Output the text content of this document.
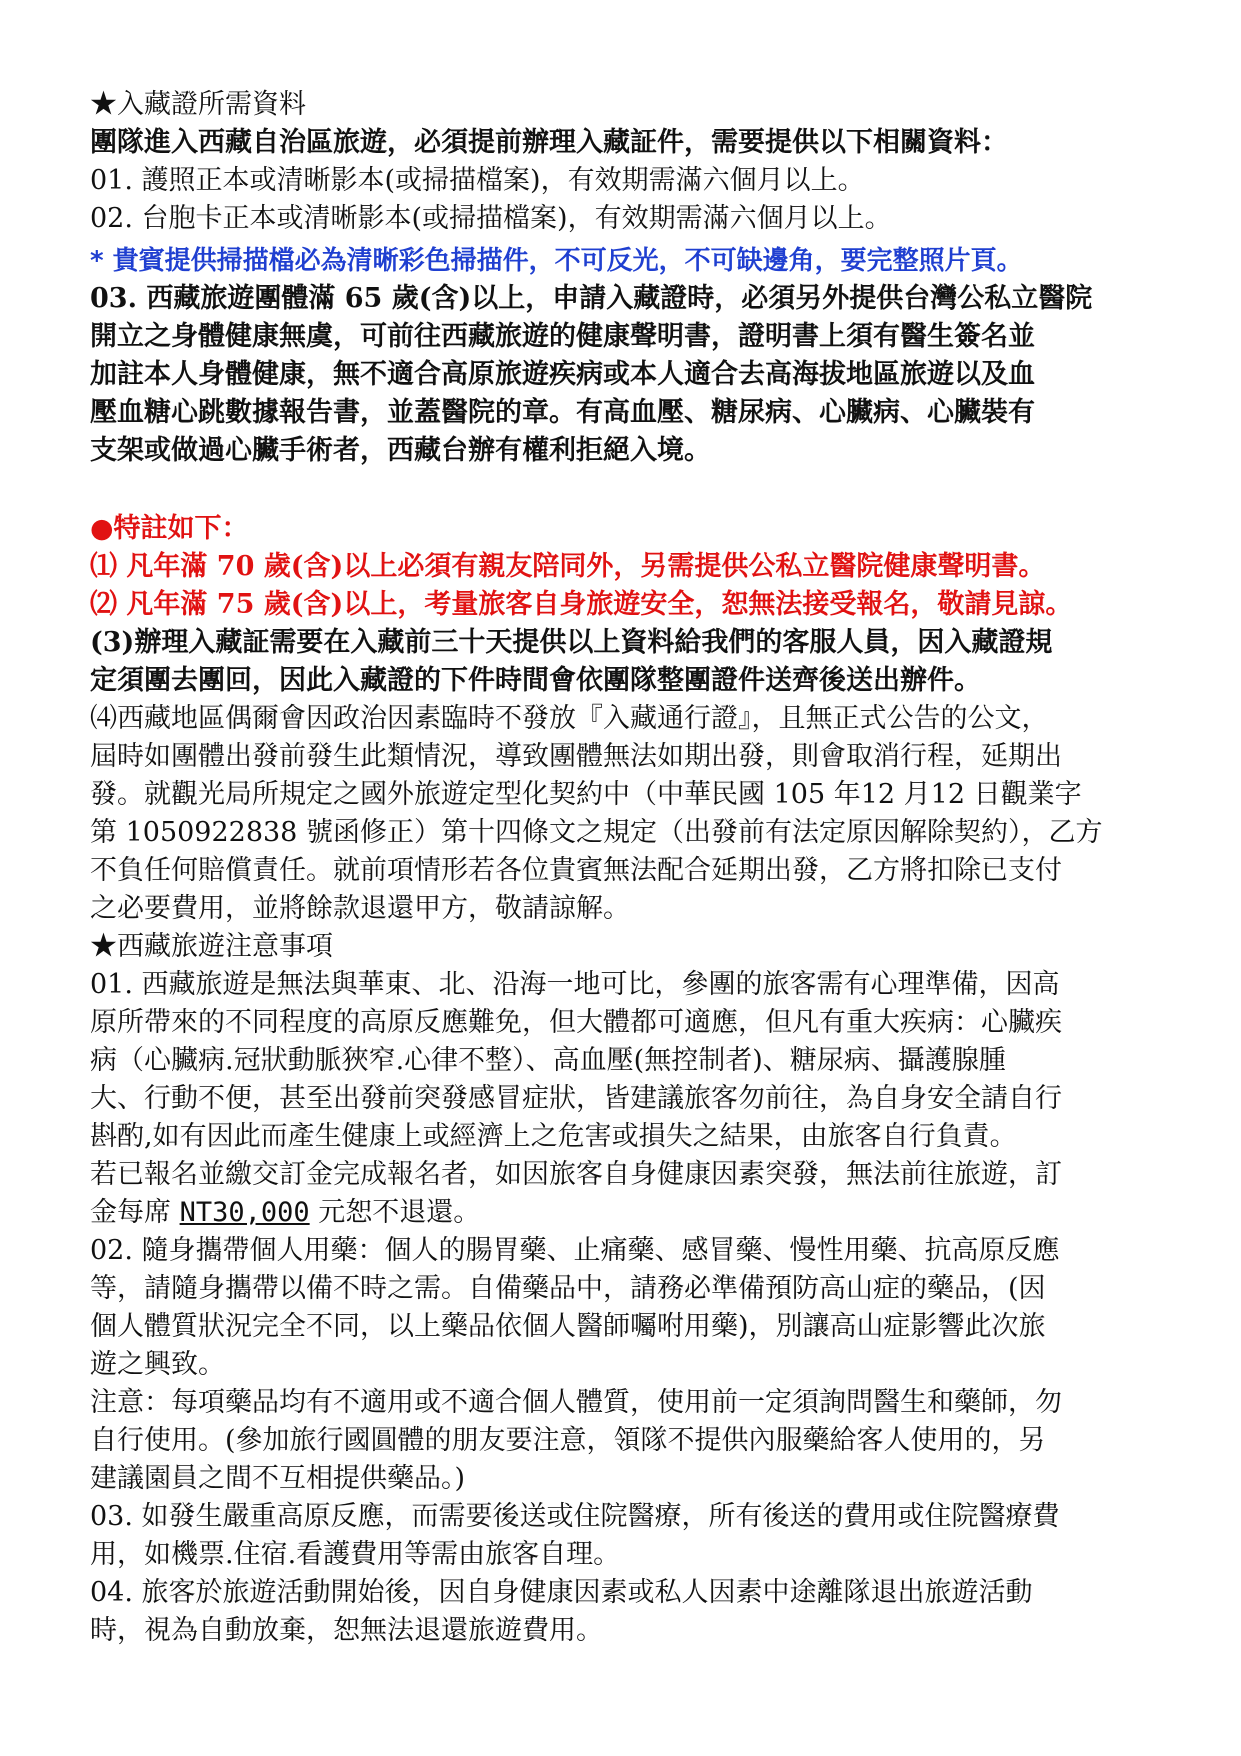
★入藏證所需資料
團隊進入西藏自治區旅遊，必須提前辦理入藏証件，需要提供以下相關資料：
01. 護照正本或清晰影本(或掃描檔案)，有效期需滿六個月以上。
02. 台胞卡正本或清晰影本(或掃描檔案)，有效期需滿六個月以上。
* 貴賓提供掃描檔必為清晰彩色掃描件，不可反光，不可缺邊角，要完整照片頁。
03. 西藏旅遊團體滿 65 歲(含)以上，申請入藏證時，必須另外提供台灣公私立醫院
開立之身體健康無虞，可前往西藏旅遊的健康聲明書，證明書上須有醫生簽名並
加註本人身體健康，無不適合高原旅遊疾病或本人適合去高海拔地區旅遊以及血
壓血糖心跳數據報告書，並蓋醫院的章。有高血壓、糖尿病、心臟病、心臟裝有
支架或做過心臟手術者，西藏台辦有權利拒絕入境。
●特註如下：
⑴ 凡年滿 70 歲(含)以上必須有親友陪同外，另需提供公私立醫院健康聲明書。
⑵ 凡年滿 75 歲(含)以上，考量旅客自身旅遊安全，恕無法接受報名，敬請見諒。
(3)辦理入藏証需要在入藏前三十天提供以上資料給我們的客服人員，因入藏證規
定須團去團回，因此入藏證的下件時間會依團隊整團證件送齊後送出辦件。
⑷西藏地區偶爾會因政治因素臨時不發放『入藏通行證』，且無正式公告的公文，
屆時如團體出發前發生此類情況，導致團體無法如期出發，則會取消行程，延期出
發。就觀光局所規定之國外旅遊定型化契約中（中華民國 105 年12 月12 日觀業字
第 1050922838 號函修正）第十四條文之規定（出發前有法定原因解除契約），乙方
不負任何賠償責任。就前項情形若各位貴賓無法配合延期出發，乙方將扣除已支付
之必要費用，並將餘款退還甲方，敬請諒解。
★西藏旅遊注意事項
01. 西藏旅遊是無法與華東、北、沿海一地可比，參團的旅客需有心理準備，因高
原所帶來的不同程度的高原反應難免，但大體都可適應，但凡有重大疾病：心臟疾
病（心臟病.冠狀動脈狹窄.心律不整）、高血壓(無控制者)、糖尿病、攝護腺腫
大、行動不便，甚至出發前突發感冒症狀，皆建議旅客勿前往，為自身安全請自行
斟酌,如有因此而產生健康上或經濟上之危害或損失之結果，由旅客自行負責。
若已報名並繳交訂金完成報名者，如因旅客自身健康因素突發，無法前往旅遊，訂
金每席 NT30,000 元恕不退還。
02. 隨身攜帶個人用藥：個人的腸胃藥、止痛藥、感冒藥、慢性用藥、抗高原反應
等，請隨身攜帶以備不時之需。自備藥品中，請務必準備預防高山症的藥品，(因
個人體質狀況完全不同，以上藥品依個人醫師囑咐用藥)，別讓高山症影響此次旅
遊之興致。
注意：每項藥品均有不適用或不適合個人體質，使用前一定須詢問醫生和藥師，勿
自行使用。(參加旅行國圓體的朋友要注意，領隊不提供內服藥給客人使用的，另
建議園員之間不互相提供藥品。)
03. 如發生嚴重高原反應，而需要後送或住院醫療，所有後送的費用或住院醫療費
用，如機票.住宿.看護費用等需由旅客自理。
04. 旅客於旅遊活動開始後，因自身健康因素或私人因素中途離隊退出旅遊活動
時，視為自動放棄，恕無法退還旅遊費用。
